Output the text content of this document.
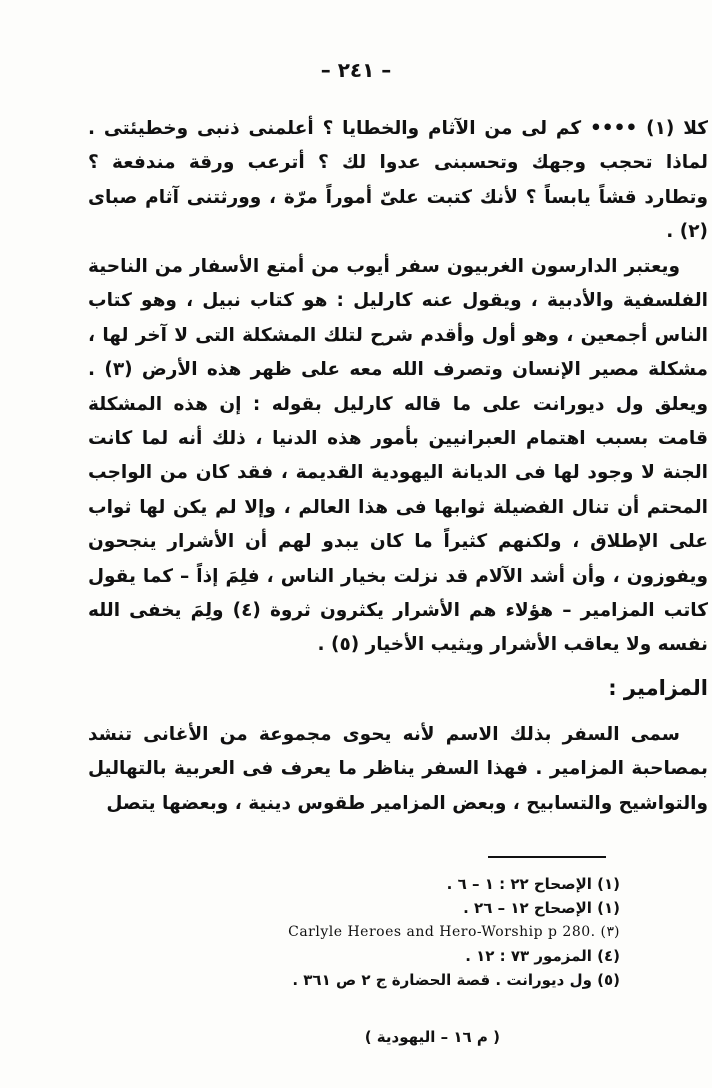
– ٢٤١ –

كلا (١) •••• كم لى من الآثام والخطايا ؟ أعلمنى ذنبى وخطيئتى . لماذا تحجب وجهك وتحسبنى عدوا لك ؟ أترعب ورقة مندفعة ؟ وتطارد قشاً يابساً ؟ لأنك كتبت علىّ أموراً مرّة ، وورثتنى آثام صباى (٢) .

ويعتبر الدارسون الغربيون سفر أيوب من أمتع الأسفار من الناحية الفلسفية والأدبية ، ويقول عنه كارليل : هو كتاب نبيل ، وهو كتاب الناس أجمعين ، وهو أول وأقدم شرح لتلك المشكلة التى لا آخر لها ، مشكلة مصير الإنسان وتصرف الله معه على ظهر هذه الأرض (٣) . ويعلق ول ديورانت على ما قاله كارليل بقوله : إن هذه المشكلة قامت بسبب اهتمام العبرانيين بأمور هذه الدنيا ، ذلك أنه لما كانت الجنة لا وجود لها فى الديانة اليهودية القديمة ، فقد كان من الواجب المحتم أن تنال الفضيلة ثوابها فى هذا العالم ، وإلا لم يكن لها ثواب على الإطلاق ، ولكنهم كثيراً ما كان يبدو لهم أن الأشرار ينجحون ويفوزون ، وأن أشد الآلام قد نزلت بخيار الناس ، فلِمَ إذاً – كما يقول كاتب المزامير – هؤلاء هم الأشرار يكثرون ثروة (٤) ولِمَ يخفى الله نفسه ولا يعاقب الأشرار ويثيب الأخيار (٥) .

المزامير :

سمى السفر بذلك الاسم لأنه يحوى مجموعة من الأغانى تنشد بمصاحبة المزامير . فهذا السفر يناظر ما يعرف فى العربية بالتهاليل والتواشيح والتسابيح ، وبعض المزامير طقوس دينية ، وبعضها يتصل

(١) الإصحاح ٢٢ : ١ – ٦ .
(١) الإصحاح ١٢ – ٢٦ .
Carlyle Heroes and Hero-Worship p 280. (٣)
(٤) المزمور ٧٣ : ١٢ .
(٥) ول ديورانت . قصة الحضارة ج ٢ ص ٣٦١ .
( م ١٦ – اليهودية )
